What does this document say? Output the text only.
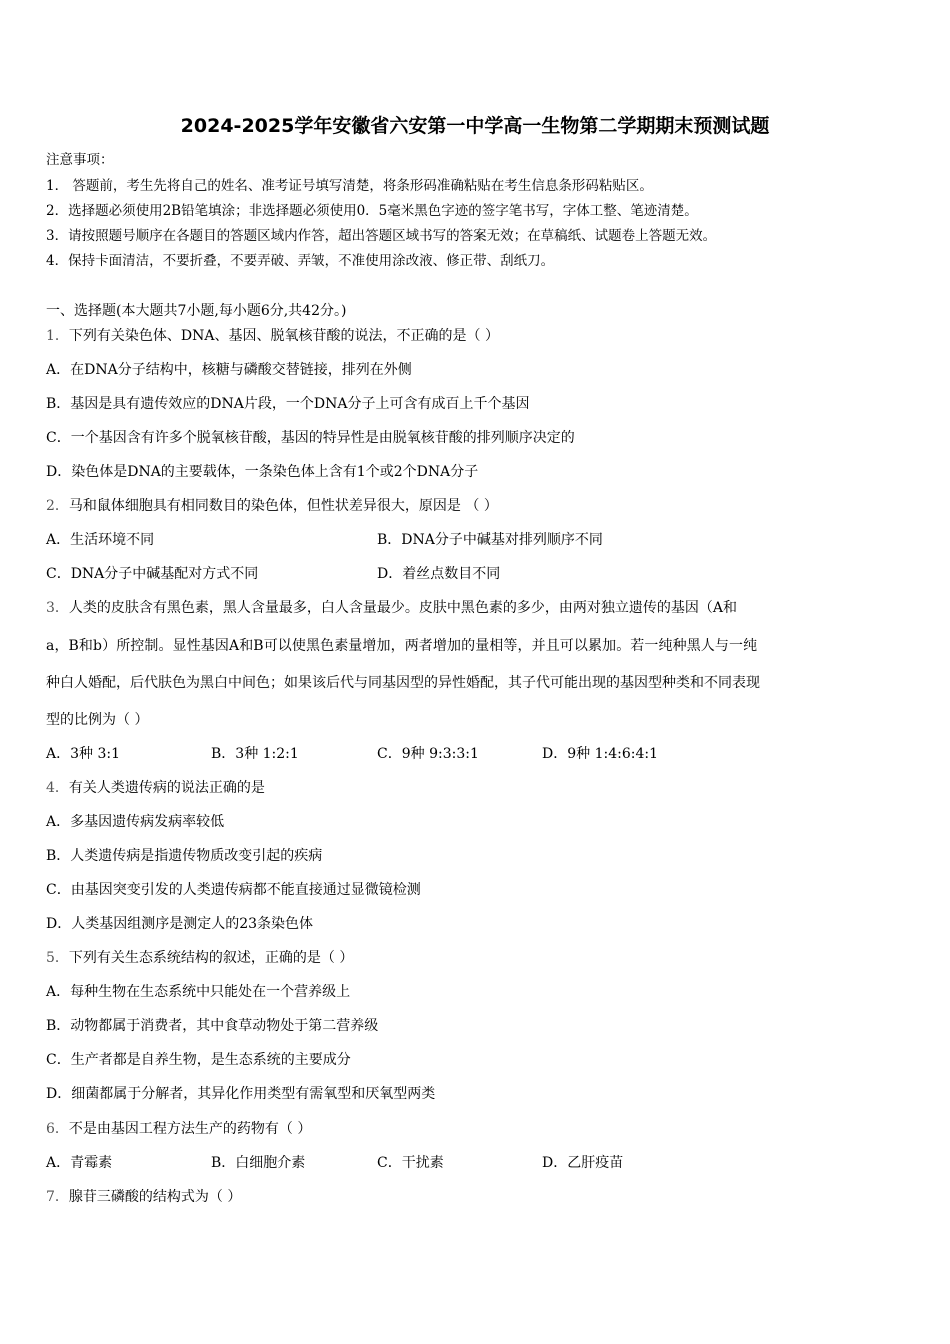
2024-2025学年安徽省六安第一中学高一生物第二学期期末预测试题
注意事项：
1． 答题前，考生先将自己的姓名、准考证号填写清楚，将条形码准确粘贴在考生信息条形码粘贴区。
2．选择题必须使用2B铅笔填涂；非选择题必须使用0．5毫米黑色字迹的签字笔书写，字体工整、笔迹清楚。
3．请按照题号顺序在各题目的答题区域内作答，超出答题区域书写的答案无效；在草稿纸、试题卷上答题无效。
4．保持卡面清洁，不要折叠，不要弄破、弄皱，不准使用涂改液、修正带、刮纸刀。
一、选择题(本大题共7小题,每小题6分,共42分。)
1．下列有关染色体、DNA、基因、脱氧核苷酸的说法，不正确的是（ ）
A．在DNA分子结构中，核糖与磷酸交替链接，排列在外侧
B．基因是具有遗传效应的DNA片段，一个DNA分子上可含有成百上千个基因
C．一个基因含有许多个脱氧核苷酸，基因的特异性是由脱氧核苷酸的排列顺序决定的
D．染色体是DNA的主要载体，一条染色体上含有1个或2个DNA分子
2．马和鼠体细胞具有相同数目的染色体，但性状差异很大，原因是 （ ）
A．生活环境不同	B．DNA分子中碱基对排列顺序不同
C．DNA分子中碱基配对方式不同	D．着丝点数目不同
3．人类的皮肤含有黑色素，黑人含量最多，白人含量最少。皮肤中黑色素的多少，由两对独立遗传的基因（A和
a，B和b）所控制。显性基因A和B可以使黑色素量增加，两者增加的量相等，并且可以累加。若一纯种黑人与一纯
种白人婚配，后代肤色为黑白中间色；如果该后代与同基因型的异性婚配，其子代可能出现的基因型种类和不同表现
型的比例为（ ）
A．3种 3:1	B．3种 1:2:1	C．9种 9:3:3:1	D．9种 1:4:6:4:1
4．有关人类遗传病的说法正确的是
A．多基因遗传病发病率较低
B．人类遗传病是指遗传物质改变引起的疾病
C．由基因突变引发的人类遗传病都不能直接通过显微镜检测
D．人类基因组测序是测定人的23条染色体
5．下列有关生态系统结构的叙述，正确的是（ ）
A．每种生物在生态系统中只能处在一个营养级上
B．动物都属于消费者，其中食草动物处于第二营养级
C．生产者都是自养生物，是生态系统的主要成分
D．细菌都属于分解者，其异化作用类型有需氧型和厌氧型两类
6．不是由基因工程方法生产的药物有（ ）
A．青霉素	B．白细胞介素	C．干扰素	D．乙肝疫苗
7．腺苷三磷酸的结构式为（ ）
